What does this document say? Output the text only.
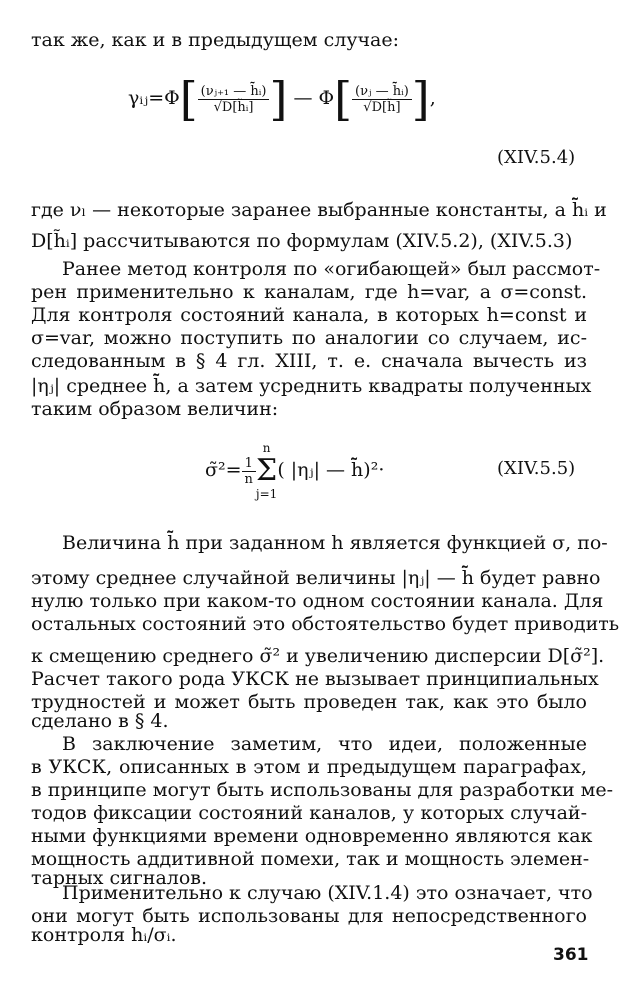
так же, как и в предыдущем случае:
γᵢⱼ=Φ[ $\frac{\text{(νⱼ₊₁ — h̄̃ᵢ)}}{\text{√D[h̃ᵢ]}}$ ] — $\Phi[ \frac{\text{(νⱼ — h̄̃ᵢ)}}{√D[h̃]}$ ],
(XIV.5.4)
где νₗ — некоторые заранее выбранные константы, а h̄̃ᵢ и
D[h̃ᵢ] рассчитываются по формулам (XIV.5.2), (XIV.5.3)
Ранее метод контроля по «огибающей» был рассмот-
рен применительно к каналам, где h=var, а σ=const.
Для контроля состояний канала, в которых h=const и
σ=var, можно поступить по аналогии со случаем, ис-
следованным в § 4 гл. XIII, т. е. сначала вычесть из
|ηⱼ| среднее h̄̃, а затем усреднить квадраты полученных
таким образом величин:
σ̃²= $\frac{1}{n}$
n
Σ
j=1
( |ηⱼ| — h̄̃)²·	(XIV.5.5)
Величина h̄̃ при заданном h является функцией σ, по-
этому среднее случайной величины |ηⱼ| — h̄̃ будет равно
нулю только при каком-то одном состоянии канала. Для
остальных состояний это обстоятельство будет приводить
к смещению среднего σ̃² и увеличению дисперсии D[σ̃²].
Расчет такого рода УКСК не вызывает принципиальных
трудностей и может быть проведен так, как это было
сделано в § 4.
В заключение заметим, что идеи, положенные
в УКСК, описанных в этом и предыдущем параграфах,
в принципе могут быть использованы для разработки ме-
тодов фиксации состояний каналов, у которых случай-
ными функциями времени одновременно являются как
мощность аддитивной помехи, так и мощность элемен-
тарных сигналов.
Применительно к случаю (XIV.1.4) это означает, что
они могут быть использованы для непосредственного
контроля hᵢ/σᵢ.
361
